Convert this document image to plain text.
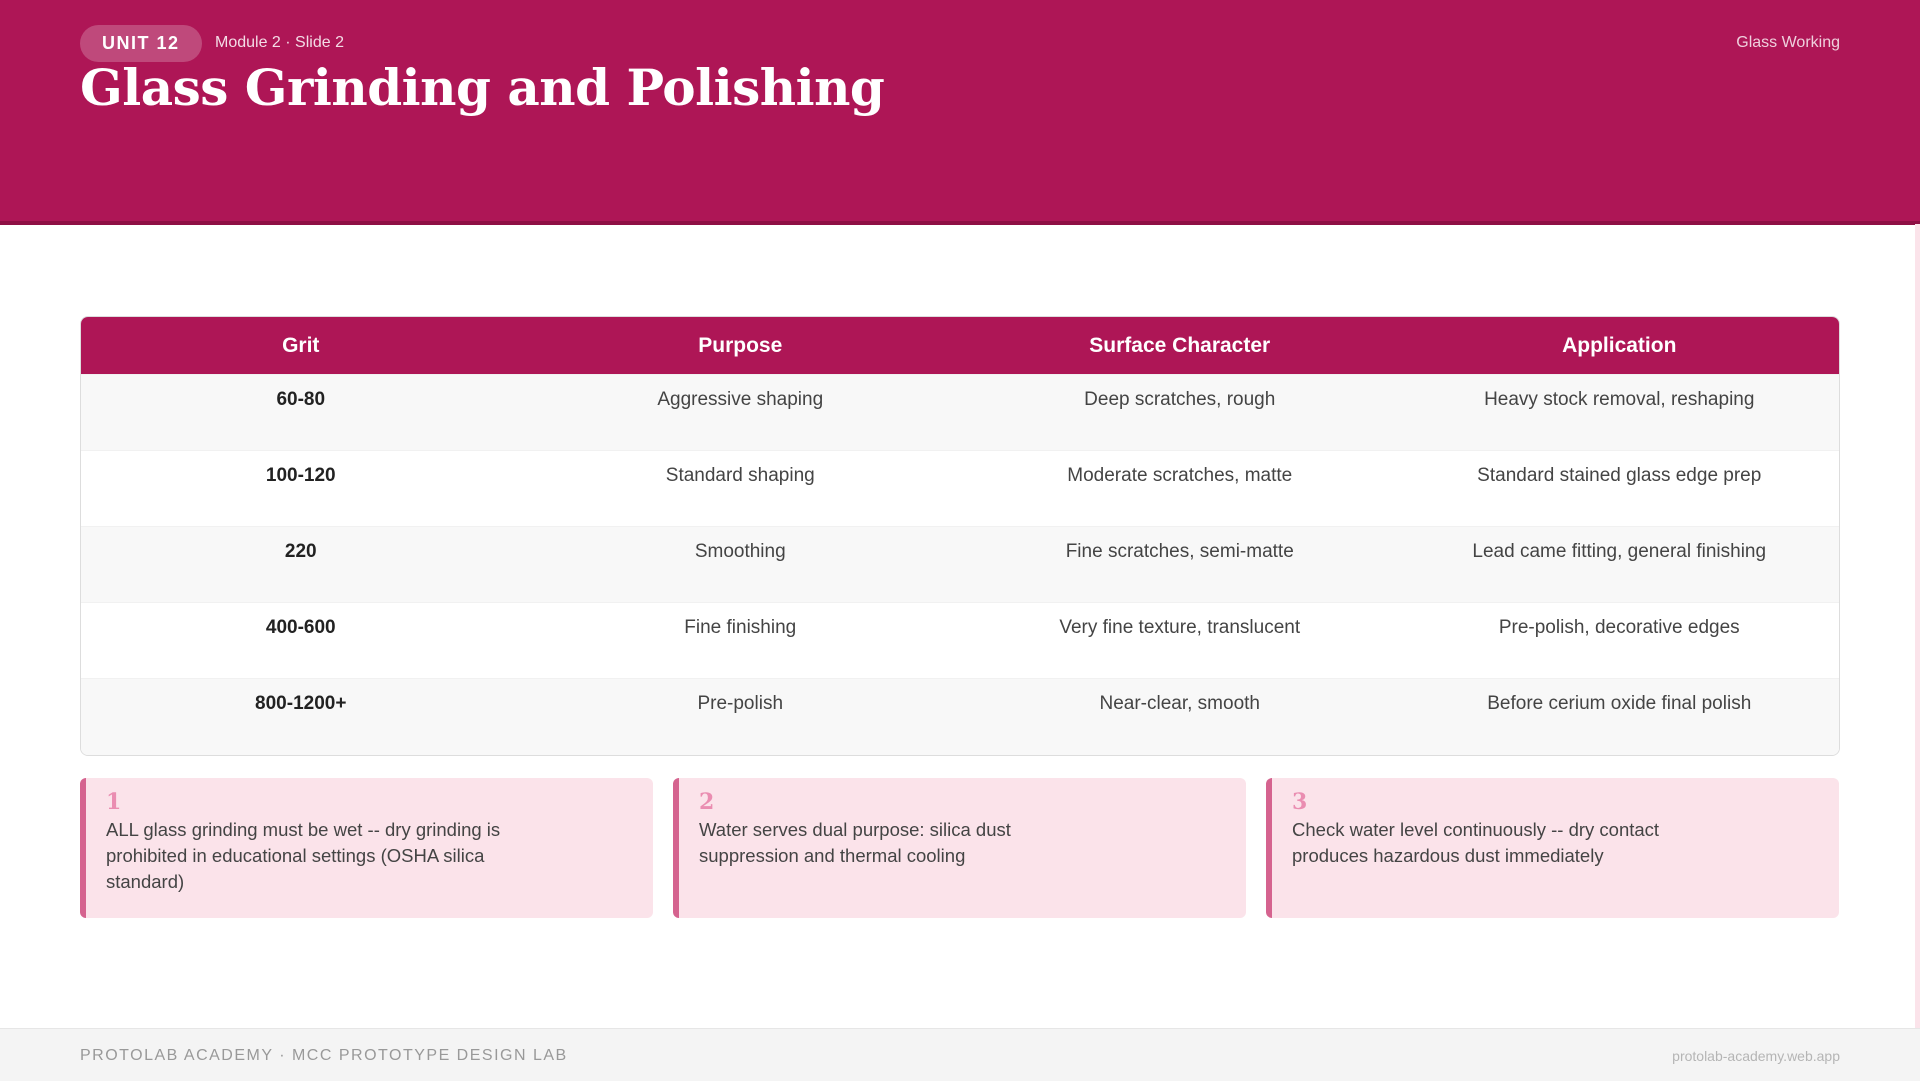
UNIT 12	Module 2 · Slide 2	Glass Working
Glass Grinding and Polishing
Grit	Purpose	Surface Character	Application
60-80	Aggressive shaping	Deep scratches, rough	Heavy stock removal, reshaping
100-120	Standard shaping	Moderate scratches, matte	Standard stained glass edge prep
220	Smoothing	Fine scratches, semi-matte	Lead came fitting, general finishing
400-600	Fine finishing	Very fine texture, translucent	Pre-polish, decorative edges
800-1200+	Pre-polish	Near-clear, smooth	Before cerium oxide final polish
1
ALL glass grinding must be wet -- dry grinding is prohibited in educational settings (OSHA silica standard)
2
Water serves dual purpose: silica dust suppression and thermal cooling
3
Check water level continuously -- dry contact produces hazardous dust immediately
PROTOLAB ACADEMY · MCC PROTOTYPE DESIGN LAB	protolab-academy.web.app
